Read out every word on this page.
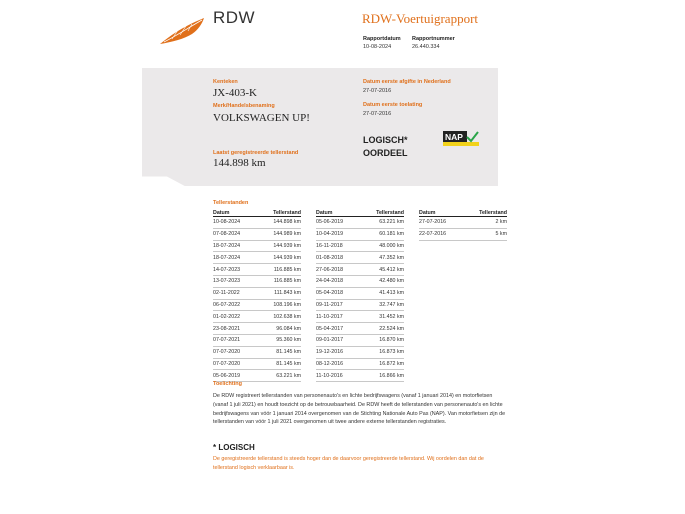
RDW	RDW-Voertuigrapport
Rapportdatum
10-08-2024
Rapportnummer
26.440.334
Kenteken
JX-403-K
Merk/Handelsbenaming
VOLKSWAGEN UP!
Laatst geregistreerde tellerstand
144.898 km
Datum eerste afgifte in Nederland
27-07-2016
Datum eerste toelating
27-07-2016
LOGISCH*
OORDEEL
NAP
Tellerstanden
Datum	Tellerstand
10-08-2024	144.898 km
07-08-2024	144.989 km
18-07-2024	144.939 km
18-07-2024	144.939 km
14-07-2023	116.885 km
13-07-2023	116.885 km
02-11-2022	111.843 km
06-07-2022	108.196 km
01-02-2022	102.638 km
23-08-2021	96.084 km
07-07-2021	95.360 km
07-07-2020	81.145 km
07-07-2020	81.145 km
05-06-2019	63.221 km
Datum	Tellerstand
05-06-2019	63.221 km
10-04-2019	60.181 km
16-11-2018	48.000 km
01-08-2018	47.352 km
27-06-2018	45.412 km
24-04-2018	42.480 km
05-04-2018	41.413 km
09-11-2017	32.747 km
11-10-2017	31.452 km
05-04-2017	22.524 km
09-01-2017	16.870 km
19-12-2016	16.873 km
08-12-2016	16.872 km
11-10-2016	16.866 km
Datum	Tellerstand
27-07-2016	2 km
22-07-2016	5 km
Toelichting
De RDW registreert tellerstanden van personenauto's en lichte bedrijfswagens (vanaf 1 januari 2014) en motorfietsen (vanaf 1 juli 2021) en houdt toezicht op de betrouwbaarheid. De RDW heeft de tellerstanden van personenauto's en lichte bedrijfswagens van vóór 1 januari 2014 overgenomen van de Stichting Nationale Auto Pas (NAP). Van motorfietsen zijn de tellerstanden van vóór 1 juli 2021 overgenomen uit twee andere externe tellerstanden registraties.
* LOGISCH
De geregistreerde tellerstand is steeds hoger dan de daarvoor geregistreerde tellerstand. Wij oordelen dan dat de tellerstand logisch verklaarbaar is.
